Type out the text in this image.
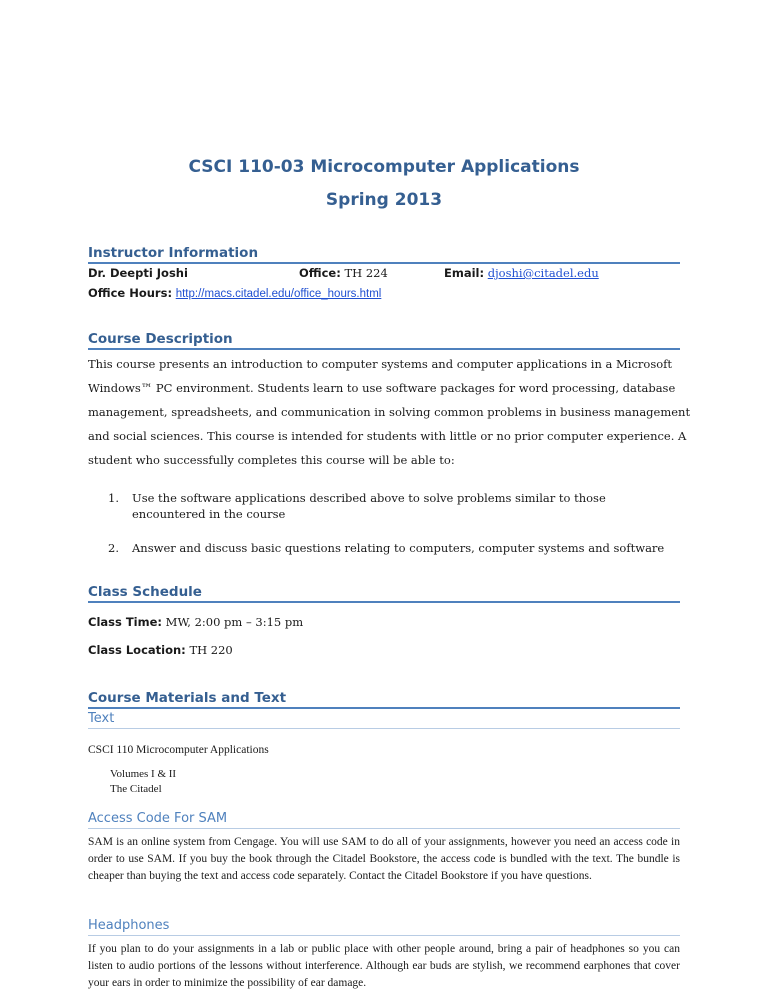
CSCI 110-03 Microcomputer Applications
Spring 2013
Instructor Information
Dr. Deepti Joshi	Office: TH 224	Email: djoshi@citadel.edu
Office Hours: http://macs.citadel.edu/office_hours.html
Course Description
This course presents an introduction to computer systems and computer applications in a Microsoft
Windows™ PC environment. Students learn to use software packages for word processing, database
management, spreadsheets, and communication in solving common problems in business management
and social sciences. This course is intended for students with little or no prior computer experience. A
student who successfully completes this course will be able to:
1. Use the software applications described above to solve problems similar to those encountered in the course
2. Answer and discuss basic questions relating to computers, computer systems and software
Class Schedule
Class Time: MW, 2:00 pm – 3:15 pm
Class Location: TH 220
Course Materials and Text
Text
CSCI 110 Microcomputer Applications
Volumes I & II
The Citadel
Access Code For SAM
SAM is an online system from Cengage. You will use SAM to do all of your assignments, however you need an access code in order to use SAM. If you buy the book through the Citadel Bookstore, the access code is bundled with the text. The bundle is cheaper than buying the text and access code separately. Contact the Citadel Bookstore if you have questions.
Headphones
If you plan to do your assignments in a lab or public place with other people around, bring a pair of headphones so you can listen to audio portions of the lessons without interference. Although ear buds are stylish, we recommend earphones that cover your ears in order to minimize the possibility of ear damage.
